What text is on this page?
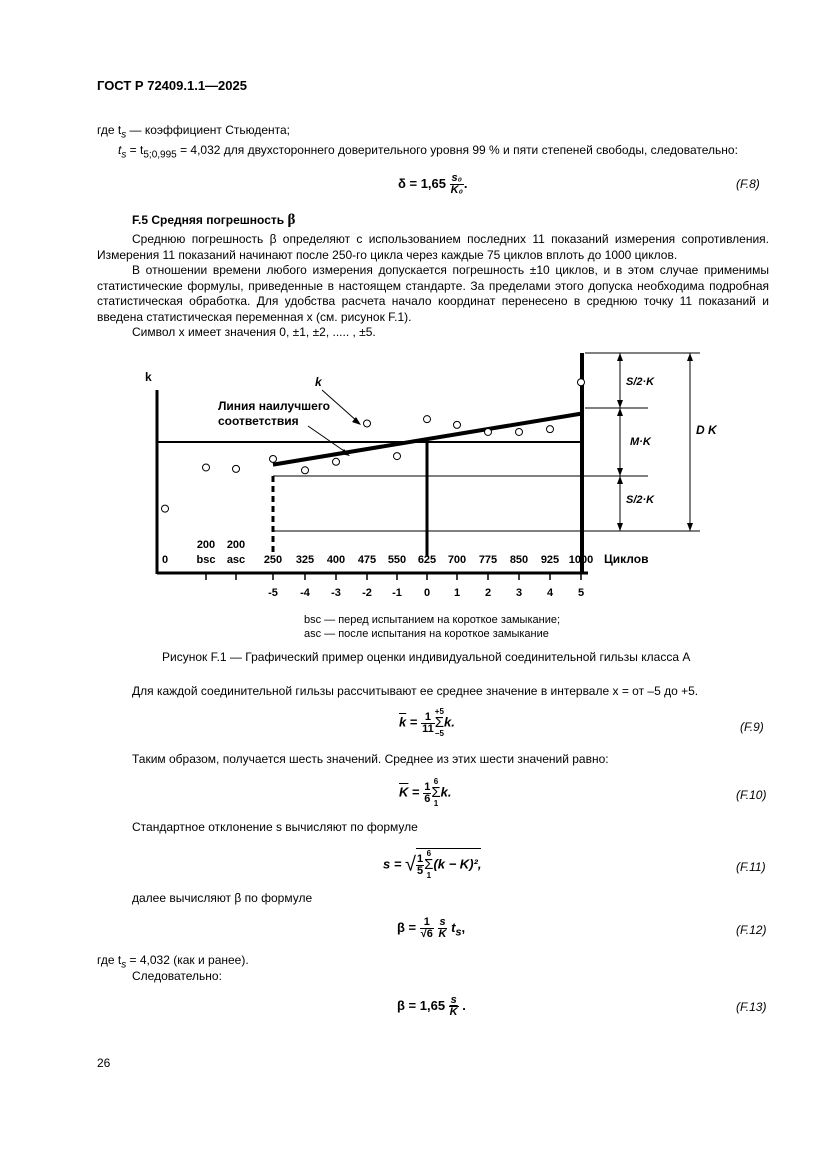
ГОСТ Р 72409.1.1—2025
где $t_s$ — коэффициент Стьюдента;
$t_s = t_{5;0,995} = 4,032$ для двухстороннего доверительного уровня 99 % и пяти степеней свободы, следовательно:
$\delta = 1,65 \frac{\text{s₀}}{\text{K₀}}$ .	(F.8)
F.5 Средняя погрешность β
Среднюю погрешность β определяют с использованием последних 11 показаний измерения сопротивления. Измерения 11 показаний начинают после 250-го цикла через каждые 75 циклов вплоть до 1000 циклов.
В отношении времени любого измерения допускается погрешность ±10 циклов, и в этом случае применимы статистические формулы, приведенные в настоящем стандарте. За пределами этого допуска необходима подробная статистическая обработка. Для удобства расчета начало координат перенесено в среднюю точку 11 показаний и введена статистическая переменная x (см. рисунок F.1).
Символ x имеет значения 0, ±1, ±2, ..... , ±5.
0
200
bsc
200
asc 250 325 400 475 550 625 700 775 850 925 1000
-5 -4 -3 -2 -1 0 1 2 3 4 5
k	k
Линия наилучшего
соответствия
S/2·K
M·K
S/2·K
D K
Циклов
bsc — перед испытанием на короткое замыкание;
asc — после испытания на короткое замыкание
Рисунок F.1 — Графический пример оценки индивидуальной соединительной гильзы класса А
Для каждой соединительной гильзы рассчитывают ее среднее значение в интервале x = от –5 до +5.
$\overline{k} = \frac{1}{11} +5$
Σ
−5k.	(F.9)
Таким образом, получается шесть значений. Среднее из этих шести значений равно:
$\overline{K} = \frac{1}{6} 6$
Σ
1k.	(F.10)
Стандартное отклонение s вычисляют по формуле
s = √ $\frac{1}{5} 6$
Σ
1(k − K)²,	(F.11)
далее вычисляют β по формуле
$\beta = \frac{1}{√6}$
$\frac{s}{K} t_s$,	(F.12)
где $t_s = 4,032$ (как и ранее).
Следовательно:
$\beta = 1,65 \frac{s}{K}$ .	(F.13)
26
